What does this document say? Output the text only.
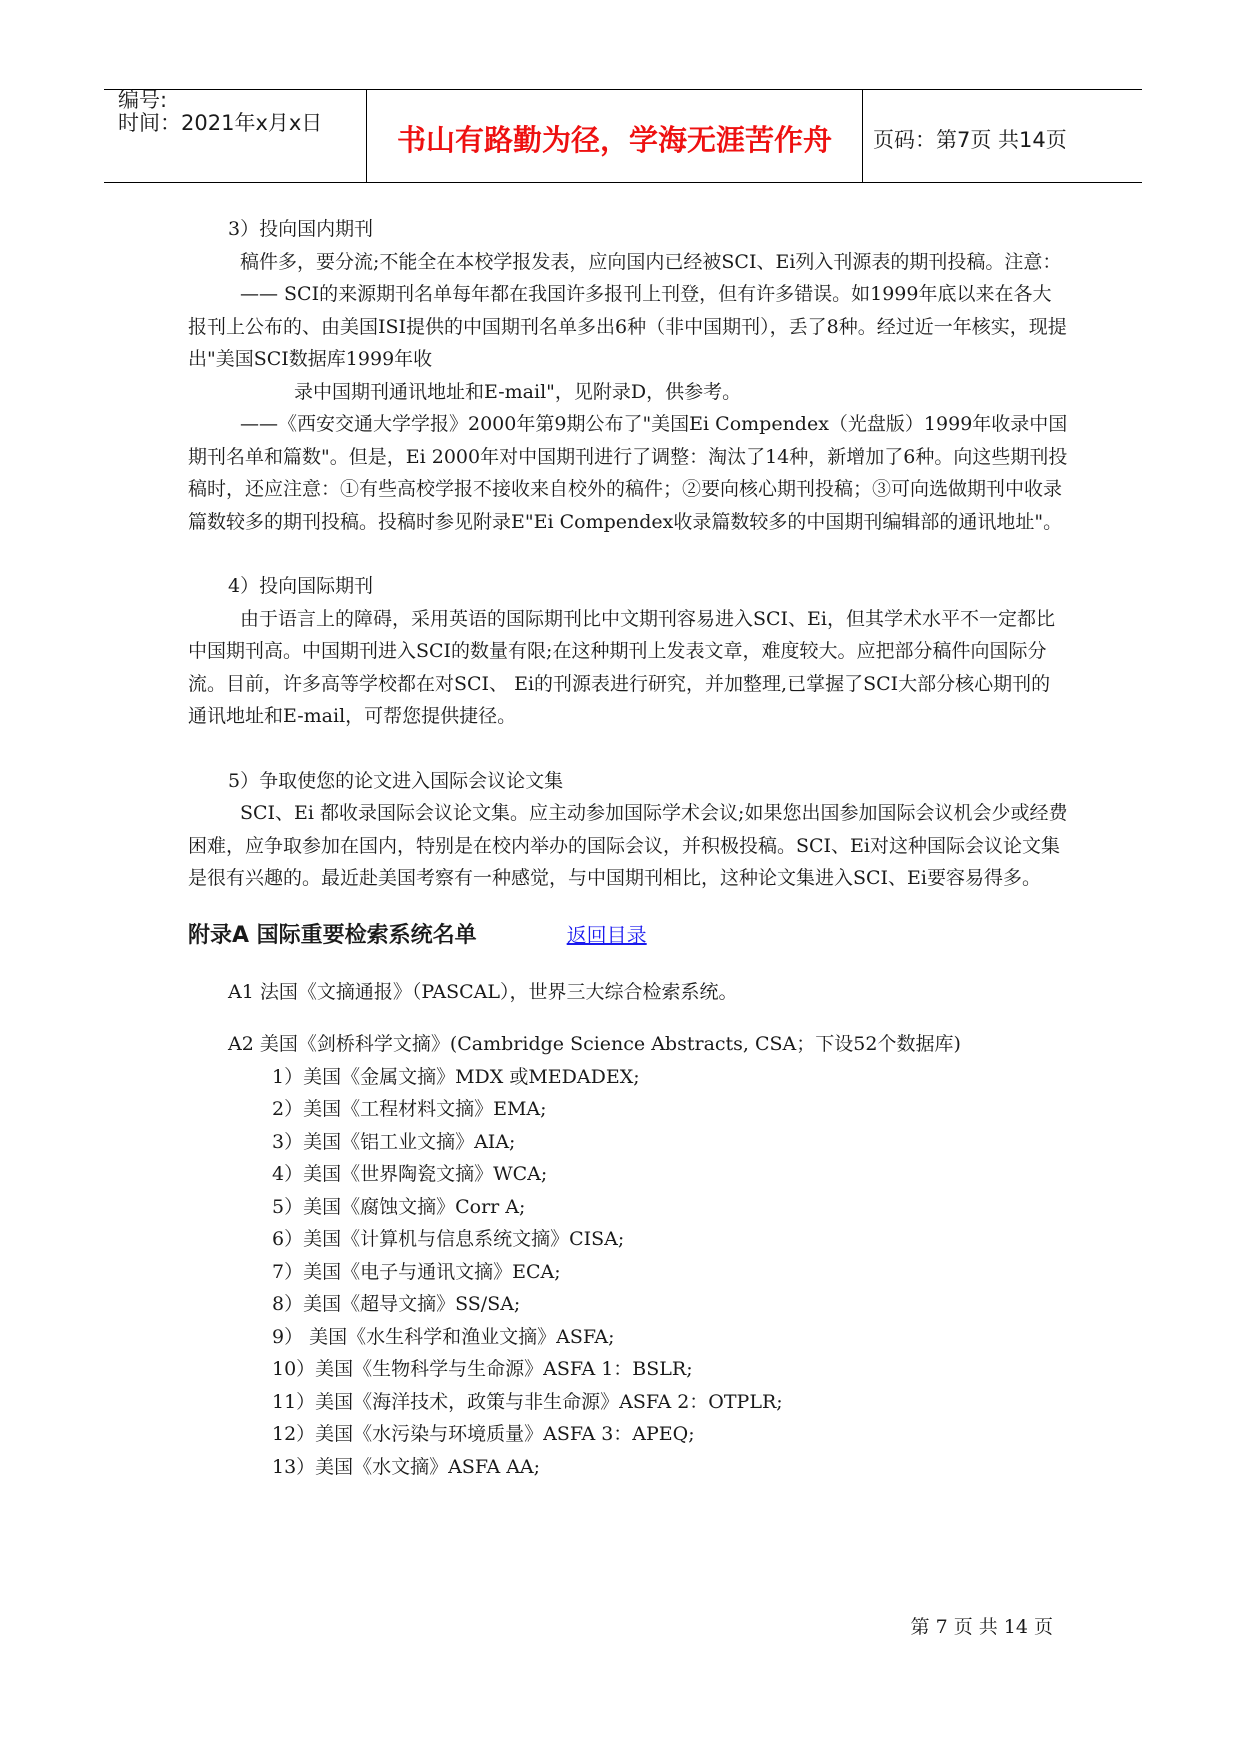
编号:
时间：2021年x月x日	书山有路勤为径，学海无涯苦作舟	页码：第7页 共14页

3）投向国内期刊

稿件多，要分流;不能全在本校学报发表，应向国内已经被SCI、Ei列入刊源表的期刊投稿。注意：

—— SCI的来源期刊名单每年都在我国许多报刊上刊登，但有许多错误。如1999年底以来在各大报刊上公布的、由美国ISI提供的中国期刊名单多出6种（非中国期刊），丢了8种。经过近一年核实，现提出"美国SCI数据库1999年收

录中国期刊通讯地址和E-mail"，见附录D，供参考。

——《西安交通大学学报》2000年第9期公布了"美国Ei Compendex（光盘版）1999年收录中国期刊名单和篇数"。但是，Ei 2000年对中国期刊进行了调整：淘汰了14种，新增加了6种。向这些期刊投稿时，还应注意：①有些高校学报不接收来自校外的稿件；②要向核心期刊投稿；③可向选做期刊中收录篇数较多的期刊投稿。投稿时参见附录E"Ei Compendex收录篇数较多的中国期刊编辑部的通讯地址"。

4）投向国际期刊

由于语言上的障碍，采用英语的国际期刊比中文期刊容易进入SCI、Ei，但其学术水平不一定都比中国期刊高。中国期刊进入SCI的数量有限;在这种期刊上发表文章，难度较大。应把部分稿件向国际分流。目前，许多高等学校都在对SCI、 Ei的刊源表进行研究，并加整理,已掌握了SCI大部分核心期刊的通讯地址和E-mail，可帮您提供捷径。

5）争取使您的论文进入国际会议论文集

SCI、Ei 都收录国际会议论文集。应主动参加国际学术会议;如果您出国参加国际会议机会少或经费困难，应争取参加在国内，特别是在校内举办的国际会议，并积极投稿。SCI、Ei对这种国际会议论文集是很有兴趣的。最近赴美国考察有一种感觉，与中国期刊相比，这种论文集进入SCI、Ei要容易得多。

附录A 国际重要检索系统名单	返回目录

A1 法国《文摘通报》（PASCAL），世界三大综合检索系统。

A2 美国《剑桥科学文摘》(Cambridge Science Abstracts, CSA；下设52个数据库)

1）美国《金属文摘》MDX 或MEDADEX;
2）美国《工程材料文摘》EMA;
3）美国《铝工业文摘》AIA;
4）美国《世界陶瓷文摘》WCA;
5）美国《腐蚀文摘》Corr A;
6）美国《计算机与信息系统文摘》CISA;
7）美国《电子与通讯文摘》ECA;
8）美国《超导文摘》SS/SA;
9） 美国《水生科学和渔业文摘》ASFA;
10）美国《生物科学与生命源》ASFA 1：BSLR;
11）美国《海洋技术，政策与非生命源》ASFA 2：OTPLR;
12）美国《水污染与环境质量》ASFA 3：APEQ;
13）美国《水文摘》ASFA AA;
第 7 页 共 14 页
